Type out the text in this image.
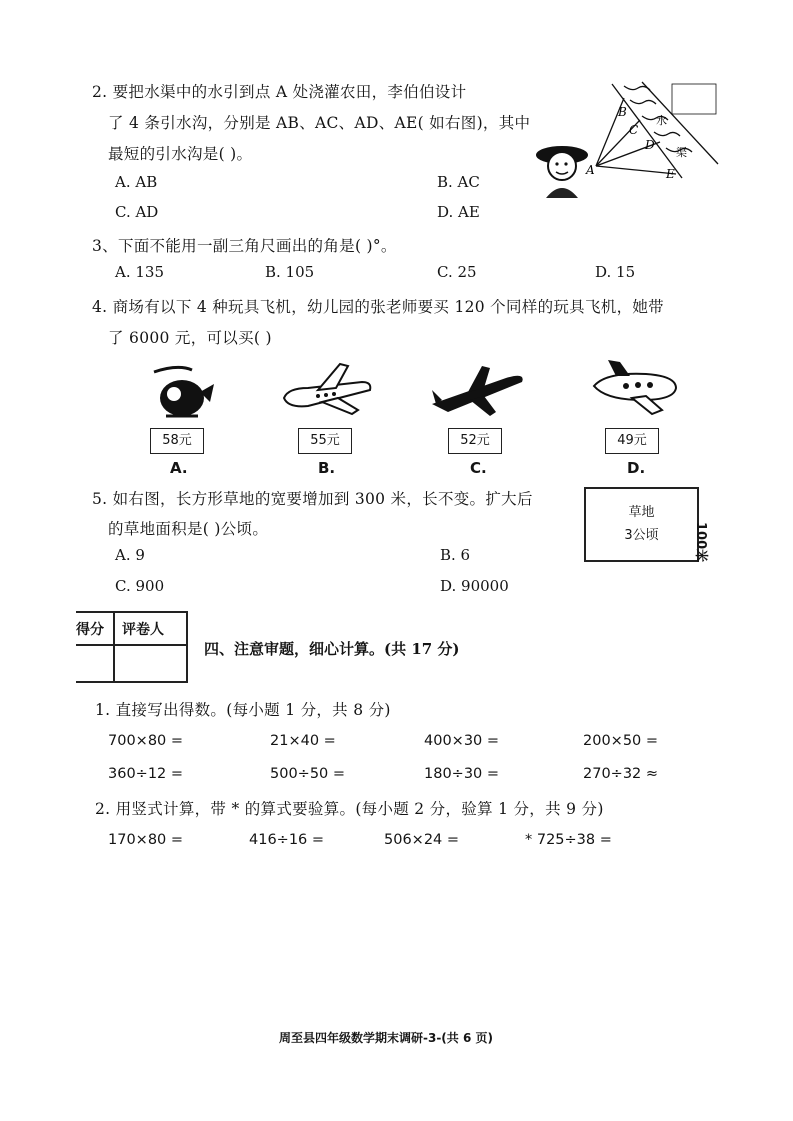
2. 要把水渠中的水引到点 A 处浇灌农田，李伯伯设计
了 4 条引水沟，分别是 AB、AC、AD、AE( 如右图)，其中
最短的引水沟是( )。
A. AB	B. AC
C. AD	D. AE
B
C
D
E
A
水
渠
3、下面不能用一副三角尺画出的角是( )°。
A. 135	B. 105	C. 25	D. 15
4. 商场有以下 4 种玩具飞机，幼儿园的张老师要买 120 个同样的玩具飞机，她带
了 6000 元，可以买( )
58元	55元	52元	49元
A.	B.	C.	D.
5. 如右图，长方形草地的宽要增加到 300 米，长不变。扩大后
的草地面积是( )公顷。
A. 9	B. 6
C. 900	D. 90000
草地
3公顷	100米
得分 评卷人
四、注意审题，细心计算。(共 17 分)
1. 直接写出得数。(每小题 1 分，共 8 分)
700×80 =	21×40 =	400×30 =	200×50 =
360÷12 =	500÷50 =	180÷30 =	270÷32 ≈
2. 用竖式计算，带 * 的算式要验算。(每小题 2 分，验算 1 分，共 9 分)
170×80 =	416÷16 =	506×24 =	* 725÷38 =
周至县四年级数学期末调研-3-(共 6 页)
